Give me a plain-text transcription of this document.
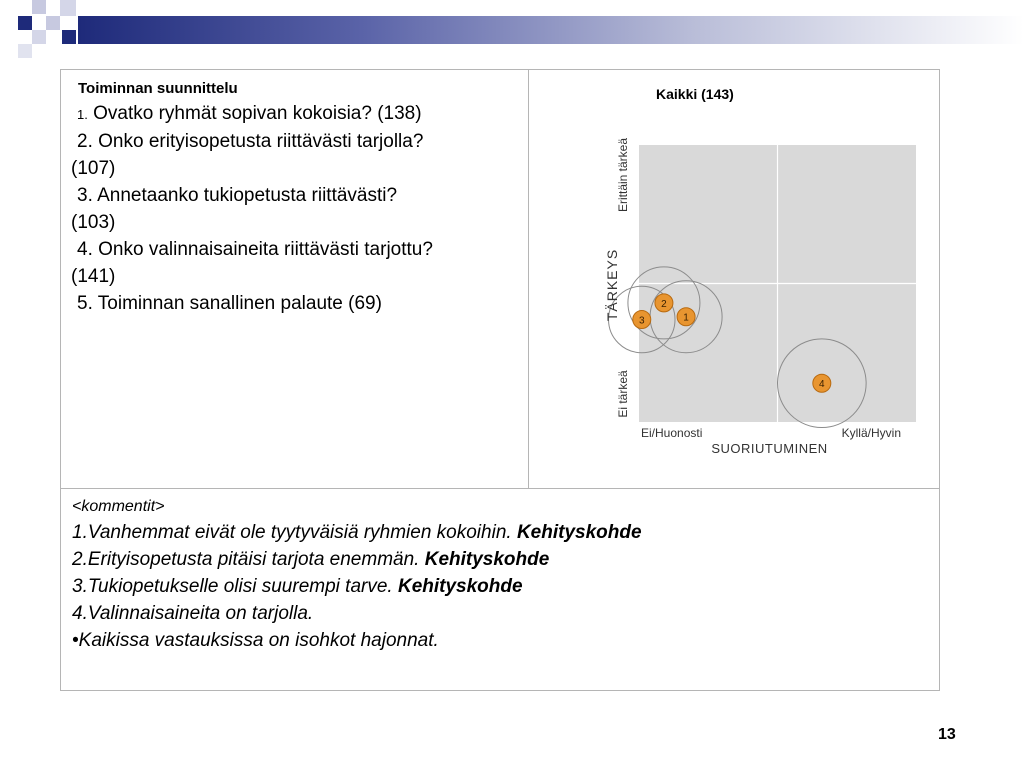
Toiminnan suunnittelu

1. Ovatko ryhmät sopivan kokoisia? (138)

2. Onko erityisopetusta riittävästi tarjolla?
(107)

3. Annetaanko tukiopetusta riittävästi?
(103)

4. Onko valinnaisaineita riittävästi tarjottu?
(141)

5. Toiminnan sanallinen palaute (69)

Kaikki (143)
1
2
3
4
Ei/Huonosti	Kyllä/Hyvin
SUORIUTUMINEN
Erittäin tärkeä
Ei tärkeä
TÄRKEYS

<kommentit>

1.Vanhemmat eivät ole tyytyväisiä ryhmien kokoihin. Kehityskohde

2.Erityisopetusta pitäisi tarjota enemmän. Kehityskohde

3.Tukiopetukselle olisi suurempi tarve. Kehityskohde

4.Valinnaisaineita on tarjolla.

•Kaikissa vastauksissa on isohkot hajonnat.

13
